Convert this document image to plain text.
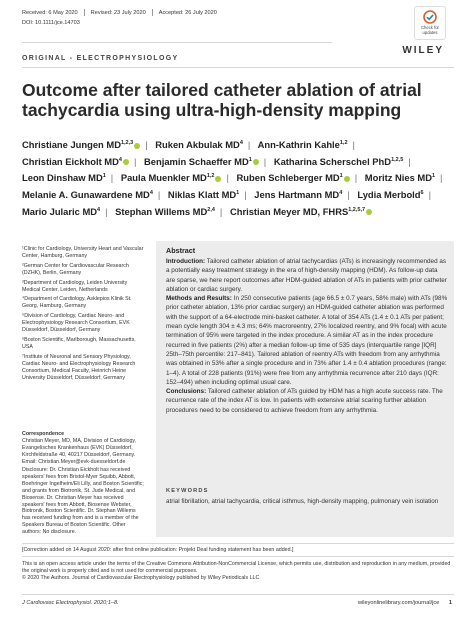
Received: 6 May 2020 Revised: 23 July 2020 Accepted: 26 July 2020
DOI: 10.1111/jce.14703
Check for
updates
WILEY
ORIGINAL - ELECTROPHYSIOLOGY
Outcome after tailored catheter ablation of atrial tachycardia using ultra-high-density mapping
Christiane Jungen MD$^{1,2,3}$ | Ruken Akbulak $MD^4$ | Ann-Kathrin Kahle$^{1,2}$ | Christian Eickholt $MD^4$ | Benjamin Schaeffer $MD^1$ | Katharina Scherschel PhD$^{1,2,5}$ | Leon Dinshaw $MD^1$ | Paula Muenkler MD$^{1,2}$ | Ruben Schleberger $MD^1$ | Moritz Nies $MD^1$ | Melanie A. Gunawardene $MD^4$ | Niklas Klatt $MD^1$ | Jens Hartmann $MD^4$ | Lydia Merbold$^6$ | Mario Jularic $MD^4$ | Stephan Willems MD$^{2,4}$ | Christian Meyer MD, FHRS$^{1,2,5,7}$

¹Clinic for Cardiology, University Heart and Vascular Center, Hamburg, Germany

²German Center for Cardiovascular Research (DZHK), Berlin, Germany

³Department of Cardiology, Leiden University Medical Center, Leiden, Netherlands

⁴Department of Cardiology, Asklepios Klinik St. Georg, Hamburg, Germany

⁵Division of Cardiology, Cardiac Neuro- and Electrophysiology Research Consortium, EVK Düsseldorf, Düsseldorf, Germany

⁶Boston Scientific, Marlborough, Massachusetts, USA

⁷Institute of Neuronal and Sensory Physiology, Cardiac Neuro- and Electrophysiology Research Consortium, Medical Faculty, Heinrich Heine University Düsseldorf, Düsseldorf, Germany

Correspondence
Christian Meyer, MD, MA, Division of Cardiology, Evangelisches Krankenhaus (EVK) Düsseldorf, Kirchfeldstraße 40, 40217 Düsseldorf, Germany.
Email: Christian.Meyer@evk-duesseldorf.de
Disclosure: Dr. Christian Eickholt has received speakers' fees from Bristol-Myer Squibb, Abbott, Boehringer Ingelheim/Eli Lilly, and Boston Scientific; and grants from Biotronik, St. Jude Medical, and Biosense. Dr. Christian Meyer has received speakers' fees from Abbott, Biosense Webster, Biotronik, Boston Scientific. Dr. Stephan Willems has received funding from and is a member of the Speakers Bureau of Boston Scientific. Other authors: No disclosure.
Abstract
Introduction: Tailored catheter ablation of atrial tachycardias (ATs) is increasingly recommended as a potentially easy treatment strategy in the era of high-density mapping (HDM). As follow-up data are sparse, we here report outcomes after HDM-guided ablation of ATs in patients with prior catheter ablation or cardiac surgery.
Methods and Results: In 250 consecutive patients (age 66.5 ± 0.7 years, 58% male) with ATs (98% prior catheter ablation, 13% prior cardiac surgery) an HDM-guided catheter ablation was performed with the support of a 64-electrode mini-basket catheter. A total of 354 ATs (1.4 ± 0.1 ATs per patient; mean cycle length 304 ± 4.3 ms; 64% macroreentry, 27% localized reentry, and 9% focal) with acute termination of 95% were targeted in the index procedure. A similar AT as in the index procedure recurred in five patients (2%) after a median follow-up time of 535 days (interquartile range [IQR] 25th–75th percentile: 217–841). Tailored ablation of reentry ATs with freedom from any arrhythmia was obtained in 53% after a single procedure and in 73% after 1.4 ± 0.4 ablation procedures (range: 1–4). A total of 228 patients (91%) were free from any arrhythmia recurrence after 210 days (IQR: 152–494) when including optimal usual care.
Conclusions: Tailored catheter ablation of ATs guided by HDM has a high acute success rate. The recurrence rate of the index AT is low. In patients with extensive atrial scaring further ablation procedures need to be considered to achieve freedom from any arrhythmia.
KEYWORDS
atrial fibrillation, atrial tachycardia, critical isthmus, high-density mapping, pulmonary vein isolation
[Correction added on 14 August 2020: after first online publication: Projekt Deal funding statement has been added.]
This is an open access article under the terms of the Creative Commons Attribution-NonCommercial License, which permits use, distribution and reproduction in any medium, provided the original work is properly cited and is not used for commercial purposes.
© 2020 The Authors. Journal of Cardiovascular Electrophysiology published by Wiley Periodicals LLC
J Cardiovasc Electrophysiol. 2020;1–8.	wileyonlinelibrary.com/journal/jce 1
